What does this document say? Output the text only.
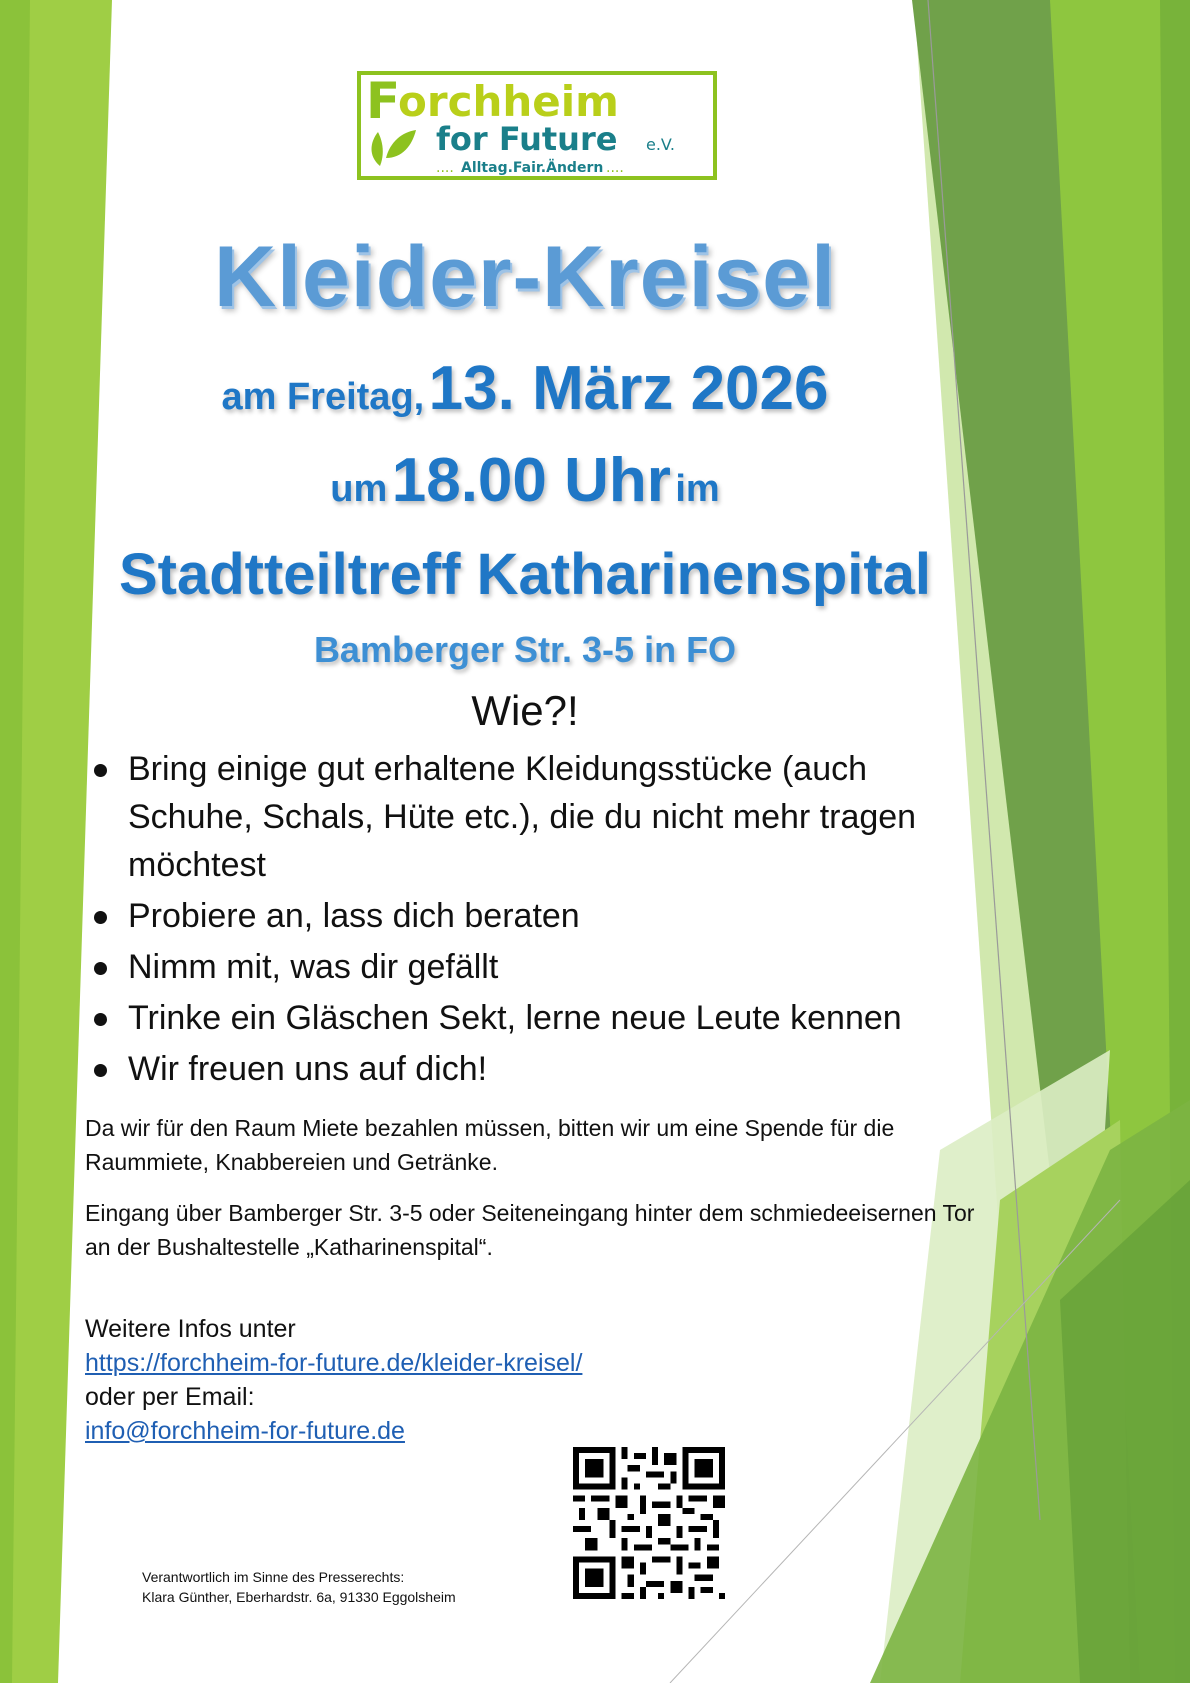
F
orchheim
for Future e.V.
.... Alltag.Fair.Ändern ....
Kleider-Kreisel
am Freitag, 13. März 2026
um 18.00 Uhr im
Stadtteiltreff Katharinenspital
Bamberger Str. 3-5 in FO
Wie?!
Bring einige gut erhaltene Kleidungsstücke (auch Schuhe, Schals, Hüte etc.), die du nicht mehr tragen möchtest
Probiere an, lass dich beraten
Nimm mit, was dir gefällt
Trinke ein Gläschen Sekt, lerne neue Leute kennen
Wir freuen uns auf dich!
Da wir für den Raum Miete bezahlen müssen, bitten wir um eine Spende für die Raummiete, Knabbereien und Getränke.
Eingang über Bamberger Str. 3-5 oder Seiteneingang hinter dem schmiedeeisernen Tor an der Bushaltestelle „Katharinenspital“.
Weitere Infos unter
https://forchheim-for-future.de/kleider-kreisel/
oder per Email:
info@forchheim-for-future.de
Verantwortlich im Sinne des Presserechts:
Klara Günther, Eberhardstr. 6a, 91330 Eggolsheim
